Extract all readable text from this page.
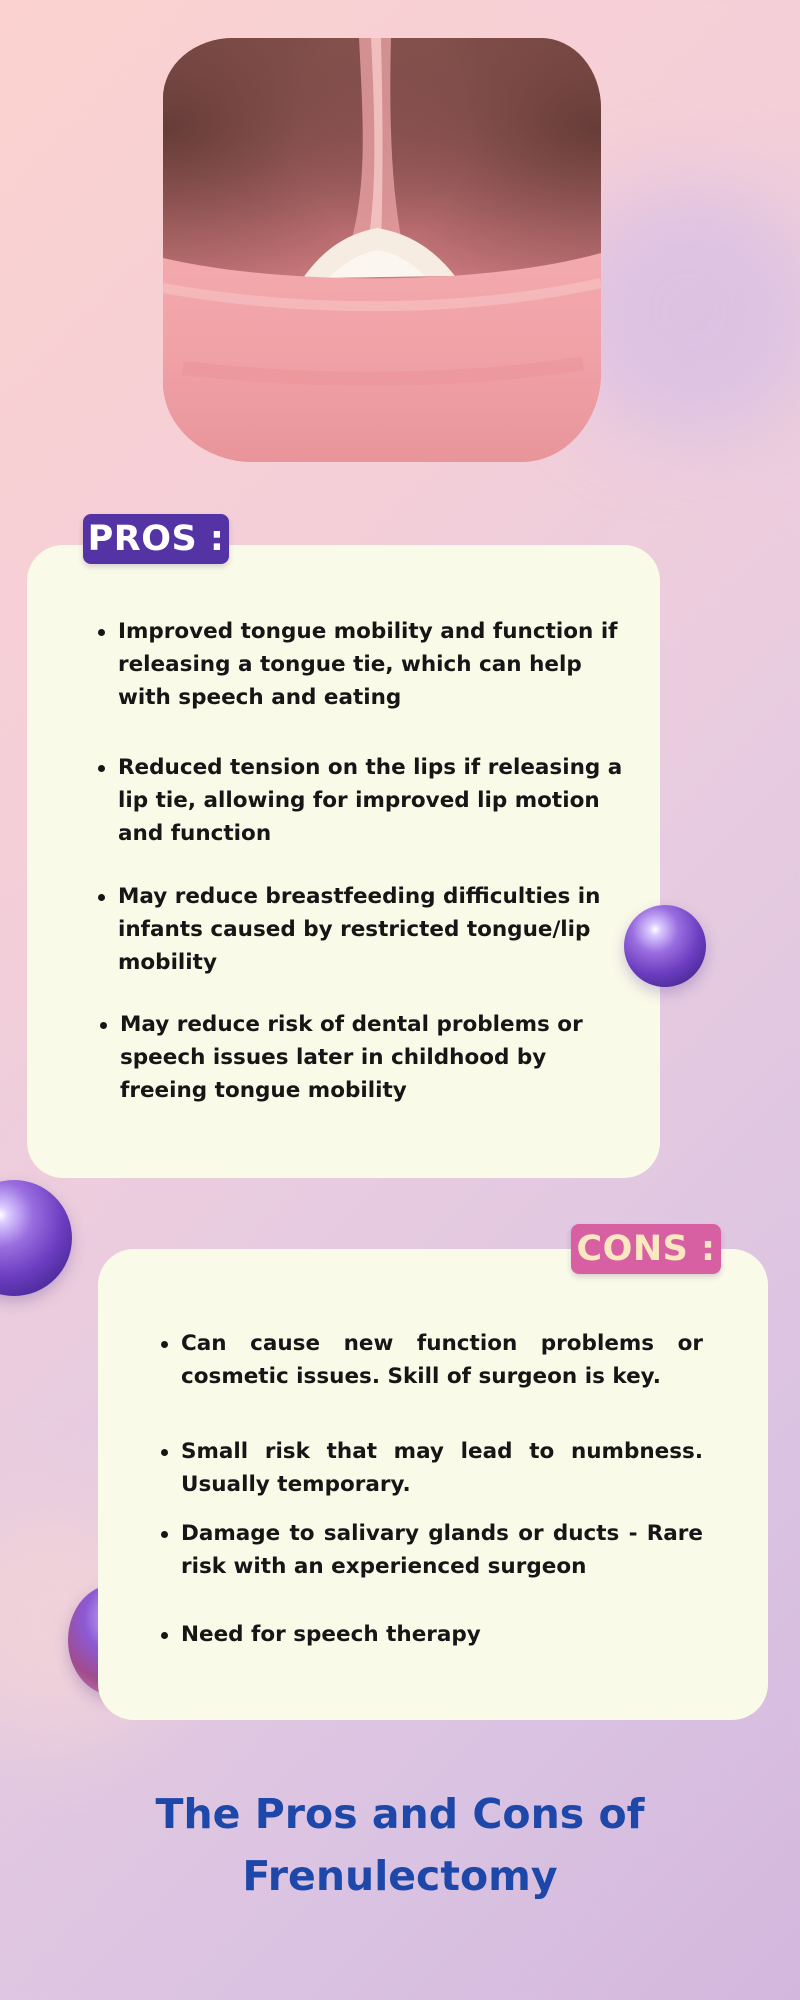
PROS :
Improved tongue mobility and function if releasing a tongue tie, which can help with speech and eating
Reduced tension on the lips if releasing a lip tie, allowing for improved lip motion and function
May reduce breastfeeding difficulties in infants caused by restricted tongue/lip mobility
May reduce risk of dental problems or speech issues later in childhood by freeing tongue mobility
CONS :
Can cause new function problems or cosmetic issues. Skill of surgeon is key.
Small risk that may lead to numbness. Usually temporary.
Damage to salivary glands or ducts - Rare risk with an experienced surgeon
Need for speech therapy
The Pros and Cons of
Frenulectomy
